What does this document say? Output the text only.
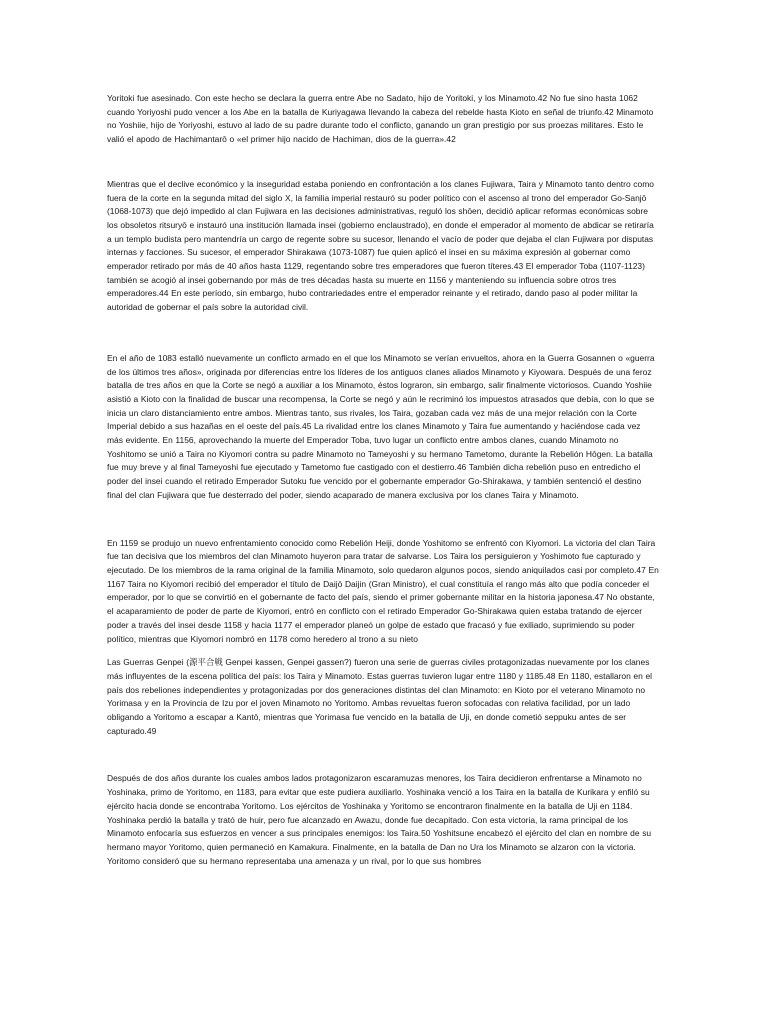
Yoritoki fue asesinado. Con este hecho se declara la guerra entre Abe no Sadato, hijo de Yoritoki, y los Minamoto.42 No fue sino hasta 1062 cuando Yoriyoshi pudo vencer a los Abe en la batalla de Kuriyagawa llevando la cabeza del rebelde hasta Kioto en señal de triunfo.42 Minamoto no Yoshiie, hijo de Yoriyoshi, estuvo al lado de su padre durante todo el conflicto, ganando un gran prestigio por sus proezas militares. Esto le valió el apodo de Hachimantarō o «el primer hijo nacido de Hachiman, dios de la guerra».42

Mientras que el declive económico y la inseguridad estaba poniendo en confrontación a los clanes Fujiwara, Taira y Minamoto tanto dentro como fuera de la corte en la segunda mitad del siglo X, la familia imperial restauró su poder político con el ascenso al trono del emperador Go-Sanjō (1068-1073) que dejó impedido al clan Fujiwara en las decisiones administrativas, reguló los shōen, decidió aplicar reformas económicas sobre los obsoletos ritsuryō e instauró una institución llamada insei (gobierno enclaustrado), en donde el emperador al momento de abdicar se retiraría a un templo budista pero mantendría un cargo de regente sobre su sucesor, llenando el vacío de poder que dejaba el clan Fujiwara por disputas internas y facciones. Su sucesor, el emperador Shirakawa (1073-1087) fue quien aplicó el insei en su máxima expresión al gobernar como emperador retirado por más de 40 años hasta 1129, regentando sobre tres emperadores que fueron títeres.43 El emperador Toba (1107-1123) también se acogió al insei gobernando por más de tres décadas hasta su muerte en 1156 y manteniendo su influencia sobre otros tres emperadores.44 En este período, sin embargo, hubo contrariedades entre el emperador reinante y el retirado, dando paso al poder militar la autoridad de gobernar el país sobre la autoridad civil.

En el año de 1083 estalló nuevamente un conflicto armado en el que los Minamoto se verían envueltos, ahora en la Guerra Gosannen o «guerra de los últimos tres años», originada por diferencias entre los líderes de los antiguos clanes aliados Minamoto y Kiyowara. Después de una feroz batalla de tres años en que la Corte se negó a auxiliar a los Minamoto, éstos lograron, sin embargo, salir finalmente victoriosos. Cuando Yoshiie asistió a Kioto con la finalidad de buscar una recompensa, la Corte se negó y aún le recriminó los impuestos atrasados que debía, con lo que se inicia un claro distanciamiento entre ambos. Mientras tanto, sus rivales, los Taira, gozaban cada vez más de una mejor relación con la Corte Imperial debido a sus hazañas en el oeste del país.45 La rivalidad entre los clanes Minamoto y Taira fue aumentando y haciéndose cada vez más evidente. En 1156, aprovechando la muerte del Emperador Toba, tuvo lugar un conflicto entre ambos clanes, cuando Minamoto no Yoshitomo se unió a Taira no Kiyomori contra su padre Minamoto no Tameyoshi y su hermano Tametomo, durante la Rebelión Hōgen. La batalla fue muy breve y al final Tameyoshi fue ejecutado y Tametomo fue castigado con el destierro.46 También dicha rebelión puso en entredicho el poder del insei cuando el retirado Emperador Sutoku fue vencido por el gobernante emperador Go-Shirakawa, y también sentenció el destino final del clan Fujiwara que fue desterrado del poder, siendo acaparado de manera exclusiva por los clanes Taira y Minamoto.

En 1159 se produjo un nuevo enfrentamiento conocido como Rebelión Heiji, donde Yoshitomo se enfrentó con Kiyomori. La victoria del clan Taira fue tan decisiva que los miembros del clan Minamoto huyeron para tratar de salvarse. Los Taira los persiguieron y Yoshimoto fue capturado y ejecutado. De los miembros de la rama original de la familia Minamoto, solo quedaron algunos pocos, siendo aniquilados casi por completo.47 En 1167 Taira no Kiyomori recibió del emperador el título de Daijō Daijin (Gran Ministro), el cual constituía el rango más alto que podía conceder el emperador, por lo que se convirtió en el gobernante de facto del país, siendo el primer gobernante militar en la historia japonesa.47 No obstante, el acaparamiento de poder de parte de Kiyomori, entró en conflicto con el retirado Emperador Go-Shirakawa quien estaba tratando de ejercer poder a través del insei desde 1158 y hacia 1177 el emperador planeó un golpe de estado que fracasó y fue exiliado, suprimiendo su poder político, mientras que Kiyomori nombró en 1178 como heredero al trono a su nieto

Las Guerras Genpei (源平合戦 Genpei kassen, Genpei gassen?) fueron una serie de guerras civiles protagonizadas nuevamente por los clanes más influyentes de la escena política del país: los Taira y Minamoto. Estas guerras tuvieron lugar entre 1180 y 1185.48 En 1180, estallaron en el país dos rebeliones independientes y protagonizadas por dos generaciones distintas del clan Minamoto: en Kioto por el veterano Minamoto no Yorimasa y en la Provincia de Izu por el joven Minamoto no Yoritomo. Ambas revueltas fueron sofocadas con relativa facilidad, por un lado obligando a Yoritomo a escapar a Kantō, mientras que Yorimasa fue vencido en la batalla de Uji, en donde cometió seppuku antes de ser capturado.49

Después de dos años durante los cuales ambos lados protagonizaron escaramuzas menores, los Taira decidieron enfrentarse a Minamoto no Yoshinaka, primo de Yoritomo, en 1183, para evitar que este pudiera auxiliarlo. Yoshinaka venció a los Taira en la batalla de Kurikara y enfiló su ejército hacia donde se encontraba Yoritomo. Los ejércitos de Yoshinaka y Yoritomo se encontraron finalmente en la batalla de Uji en 1184. Yoshinaka perdió la batalla y trató de huir, pero fue alcanzado en Awazu, donde fue decapitado. Con esta victoria, la rama principal de los Minamoto enfocaría sus esfuerzos en vencer a sus principales enemigos: los Taira.50 Yoshitsune encabezó el ejército del clan en nombre de su hermano mayor Yoritomo, quien permaneció en Kamakura. Finalmente, en la batalla de Dan no Ura los Minamoto se alzaron con la victoria. Yoritomo consideró que su hermano representaba una amenaza y un rival, por lo que sus hombres
